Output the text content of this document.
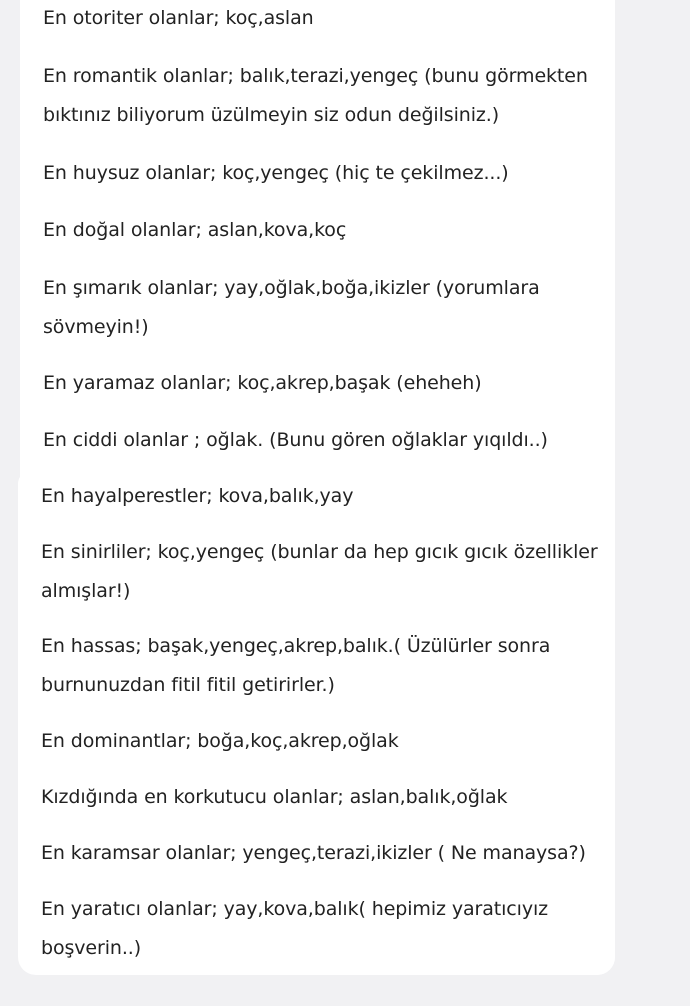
En otoriter olanlar; koç,aslan
En romantik olanlar; balık,terazi,yengeç (bunu görmekten
bıktınız biliyorum üzülmeyin siz odun değilsiniz.)
En huysuz olanlar; koç,yengeç (hiç te çekilmez...)
En doğal olanlar; aslan,kova,koç
En şımarık olanlar; yay,oğlak,boğa,ikizler (yorumlara
sövmeyin!)
En yaramaz olanlar; koç,akrep,başak (eheheh)
En ciddi olanlar ; oğlak. (Bunu gören oğlaklar yıqıldı..)
En hayalperestler; kova,balık,yay
En sinirliler; koç,yengeç (bunlar da hep gıcık gıcık özellikler
almışlar!)
En hassas; başak,yengeç,akrep,balık.( Üzülürler sonra
burnunuzdan fitil fitil getirirler.)
En dominantlar; boğa,koç,akrep,oğlak
Kızdığında en korkutucu olanlar; aslan,balık,oğlak
En karamsar olanlar; yengeç,terazi,ikizler ( Ne manaysa?)
En yaratıcı olanlar; yay,kova,balık( hepimiz yaratıcıyız
boşverin..)
